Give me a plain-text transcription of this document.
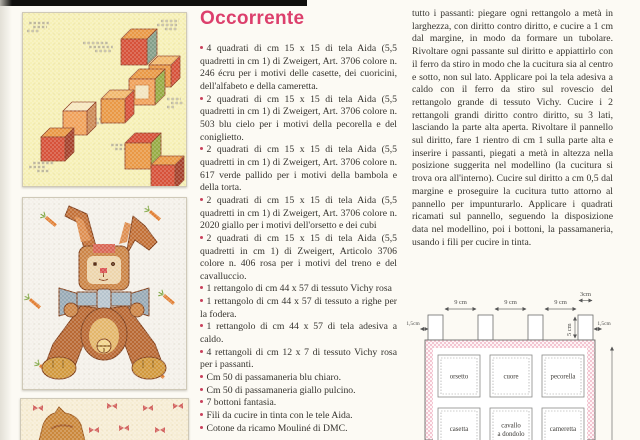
Occorrente
4 quadrati di cm 15 x 15 di tela Aida (5,5 quadretti in cm 1) di Zweigert, Art. 3706 colore n. 246 écru per i motivi delle casette, dei cuoricini, dell'alfabeto e della cameretta.
2 quadrati di cm 15 x 15 di tela Aida (5,5 quadretti in cm 1) di Zweigert, Art. 3706 colore n. 503 blu cielo per i motivi della pecorella e del coniglietto.
2 quadrati di cm 15 x 15 di tela Aida (5,5 quadretti in cm 1) di Zweigert, Art. 3706 colore n. 617 verde pallido per i motivi della bambola e della torta.
2 quadrati di cm 15 x 15 di tela Aida (5,5 quadretti in cm 1) di Zweigert, Art. 3706 colore n. 2020 giallo per i motivi dell'orsetto e dei cubi
2 quadrati di cm 15 x 15 di tela Aida (5,5 quadretti in cm 1) di Zweigert, Articolo 3706 colore n. 406 rosa per i motivi del treno e del cavalluccio.
1 rettangolo di cm 44 x 57 di tessuto Vichy rosa
1 rettangolo di cm 44 x 57 di tessuto a righe per la fodera.
1 rettangolo di cm 44 x 57 di tela adesiva a caldo.
4 rettangoli di cm 12 x 7 di tessuto Vichy rosa per i passanti.
Cm 50 di passamaneria blu chiaro.
Cm 50 di passamaneria giallo pulcino.
7 bottoni fantasia.
Fili da cucire in tinta con le tele Aida.
Cotone da ricamo Mouliné di DMC.

tutto i passanti: piegare ogni rettangolo a metà in larghezza, con diritto contro diritto, e cucire a 1 cm dal margine, in modo da formare un tubolare. Rivoltare ogni passante sul diritto e appiattirlo con il ferro da stiro in modo che la cucitura sia al centro e sotto, non sul lato. Applicare poi la tela adesiva a caldo con il ferro da stiro sul rovescio del rettangolo grande di tessuto Vichy. Cucire i 2 rettangoli grandi diritto contro diritto, su 3 lati, lasciando la parte alta aperta. Rivoltare il pannello sul diritto, fare 1 rientro di cm 1 sulla parte alta e inserire i passanti, piegati a metà in altezza nella posizione suggerita nel modellino (la cucitura si trova ora all'interno). Cucire sul diritto a cm 0,5 dal margine e proseguire la cucitura tutto attorno al pannello per impunturarlo. Applicare i quadrati ricamati sul pannello, seguendo la disposizione data nel modellino, poi i bottoni, la passamaneria, usando i fili per cucire in tinta.

orsetto	cuore	pecorella
casetta	cavallo
a dondolo
cameretta
9 cm	9 cm	9 cm
3cm
5 cm
1,5cm	1,5cm
